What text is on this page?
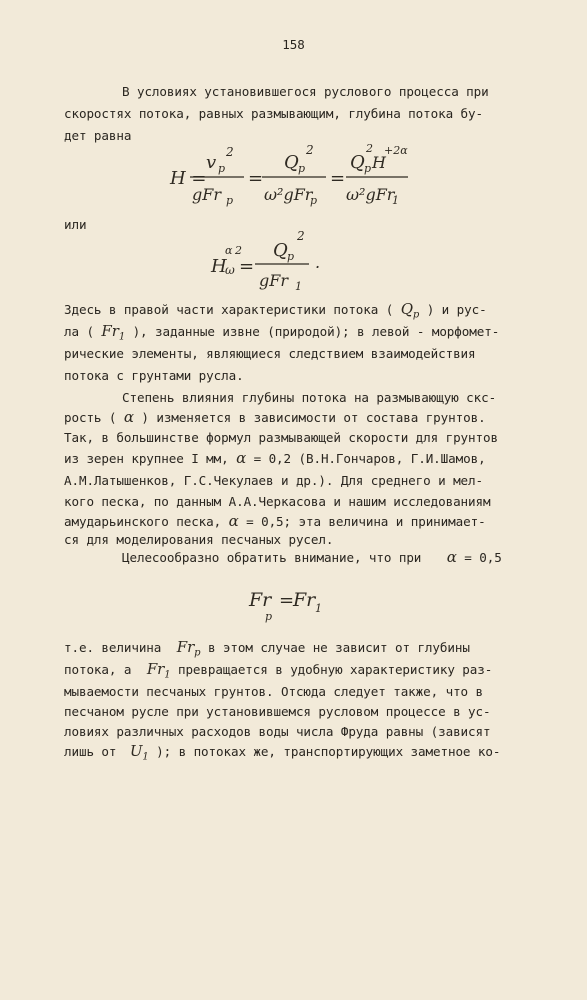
158
В условиях установившегося руслового процесса при
скоростях потока, равных размывающим, глубина потока бу-
дет равна
H =
v p
2
gFr p
=
Q p
2
ω²gFr
p
=
Q p H
2 +2α
ω²gFr
1
или
H
α 2
ω =
Q p
2
gFr 1
.
Здесь в правой части характеристики потока ( $Q_p$ ) и рус-
ла ( $Fr_1$ ), заданные извне (природой); в левой - морфомет-
рические элементы, являющиеся следствием взаимодействия
потока с грунтами русла.
Степень влияния глубины потока на размывающую скс-
рость ( α ) изменяется в зависимости от состава грунтов.
Так, в большинстве формул размывающей скорости для грунтов
из зерен крупнее I мм, α = 0,2 (В.Н.Гончаров, Г.И.Шамов,
А.М.Латышенков, Г.С.Чекулаев и др.). Для среднего и мел-
кого песка, по данным А.А.Черкасова и нашим исследованиям
амударьинского песка, α = 0,5; эта величина и принимает-
ся для моделирования песчаных русел.
Целесообразно обратить внимание, что при α = 0,5
Fr
p
=
Fr 1
т.е. величина $Fr_p$ в этом случае не зависит от глубины
потока, а $Fr_1$ превращается в удобную характеристику раз-
мываемости песчаных грунтов. Отсюда следует также, что в
песчаном русле при установившемся русловом процессе в ус-
ловиях различных расходов воды числа Фруда равны (зависят
лишь от $U_1$ ); в потоках же, транспортирующих заметное ко-
